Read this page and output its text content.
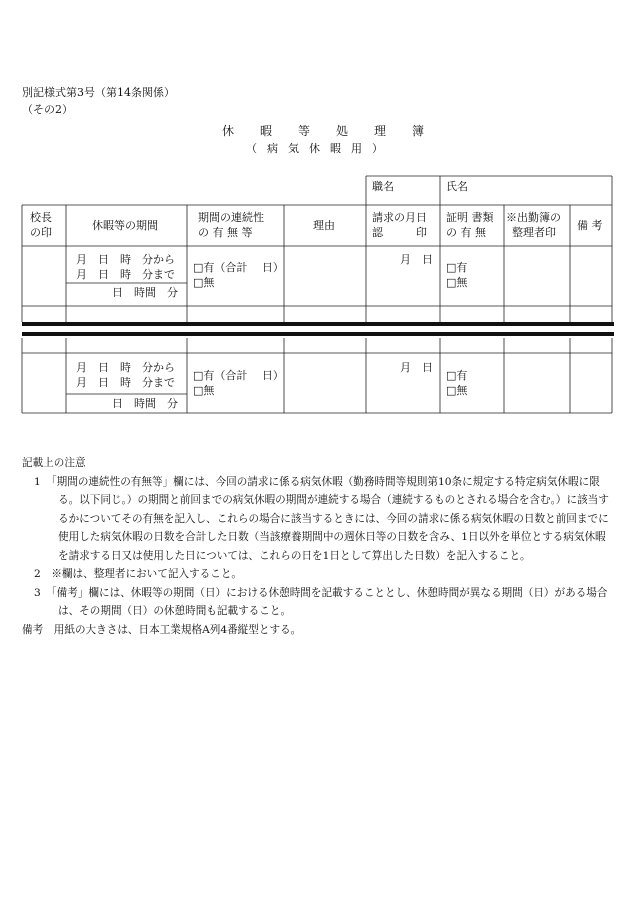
別記様式第3号（第14条関係）
（その2）
休暇等処理簿
（病気休暇用）
職名	氏名
校長
の印
休暇等の期間
期間の連続性
の 有 無 等
理由
請求の月日
認　　　印
証明 書類
の 有 無
※出勤簿の
整理者印
備 考
月　日　時　分から
月　日　時　分まで
日　時間　分
□有（合計　 日）
□無
月　日
□有
□無
月　日　時　分から
月　日　時　分まで
日　時間　分
□有（合計　 日）
□無
月　日
□有
□無
記載上の注意
1　「期間の連続性の有無等」欄には、今回の請求に係る病気休暇（勤務時間等規則第10条に規定する特定病気休暇に限る。以下同じ。）の期間と前回までの病気休暇の期間が連続する場合（連続するものとされる場合を含む。）に該当するかについてその有無を記入し、これらの場合に該当するときには、今回の請求に係る病気休暇の日数と前回までに使用した病気休暇の日数を合計した日数（当該療養期間中の週休日等の日数を含み、1日以外を単位とする病気休暇を請求する日又は使用した日については、これらの日を1日として算出した日数）を記入すること。
2　※欄は、整理者において記入すること。
3　「備考」欄には、休暇等の期間（日）における休憩時間を記載することとし、休憩時間が異なる期間（日）がある場合は、その期間（日）の休憩時間も記載すること。
備考　用紙の大きさは、日本工業規格A列4番縦型とする。
